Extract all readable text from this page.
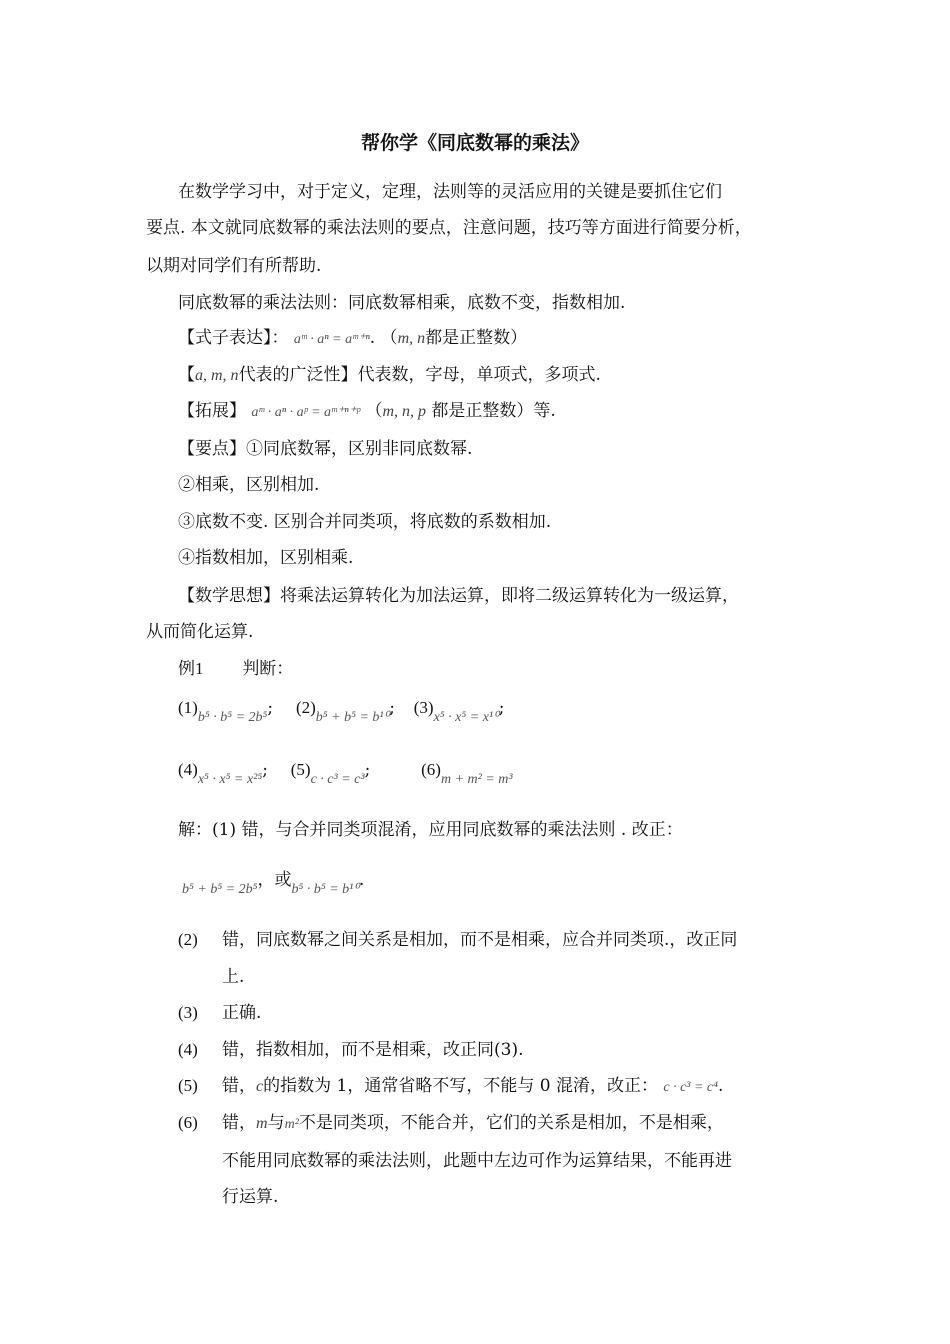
帮你学《同底数幂的乘法》
在数学学习中，对于定义，定理，法则等的灵活应用的关键是要抓住它们
要点. 本文就同底数幂的乘法法则的要点，注意问题，技巧等方面进行简要分析，
以期对同学们有所帮助.
同底数幂的乘法法则：同底数幂相乘，底数不变，指数相加.
【式子表达】： aᵐ · aⁿ = aᵐ⁺ⁿ. （m, n都是正整数）
【a, m, n代表的广泛性】代表数，字母，单项式，多项式.
【拓展】 aᵐ · aⁿ · aᵖ = aᵐ⁺ⁿ⁺ᵖ （m, n, p 都是正整数）等.
【要点】①同底数幂，区别非同底数幂.
②相乘，区别相加.
③底数不变. 区别合并同类项，将底数的系数相加.
④指数相加，区别相乘.
【数学思想】将乘法运算转化为加法运算，即将二级运算转化为一级运算，
从而简化运算.
例1 判断：
$(1)_{b^5 \cdot b^5 = 2b^5}$; $(2)_{b^5 + b^5 = b^{10}}$; $(3)_{x^5 \cdot x^5 = x^{10}}$;
$(4)_{x^5 \cdot x^5 = x^{25}}$; $(5)_{c \cdot c^3 = c^3}$;	$(6)_{m + m^2 = m^3}$
解：(1) 错，与合并同类项混淆，应用同底数幂的乘法法则 . 改正：
$_{b^5 + b^5 = 2b^5}$，或$_{b^5 \cdot b^5 = b^{10}}$.
(2) 错，同底数幂之间关系是相加，而不是相乘，应合并同类项.，改正同
上.
(3) 正确.
(4) 错，指数相加，而不是相乘，改正同(3).
(5) 错，c的指数为 1，通常省略不写，不能与 0 混淆，改正： c · c³ = c⁴.
(6) 错，m与m²不是同类项，不能合并，它们的关系是相加，不是相乘，
不能用同底数幂的乘法法则，此题中左边可作为运算结果，不能再进
行运算.
